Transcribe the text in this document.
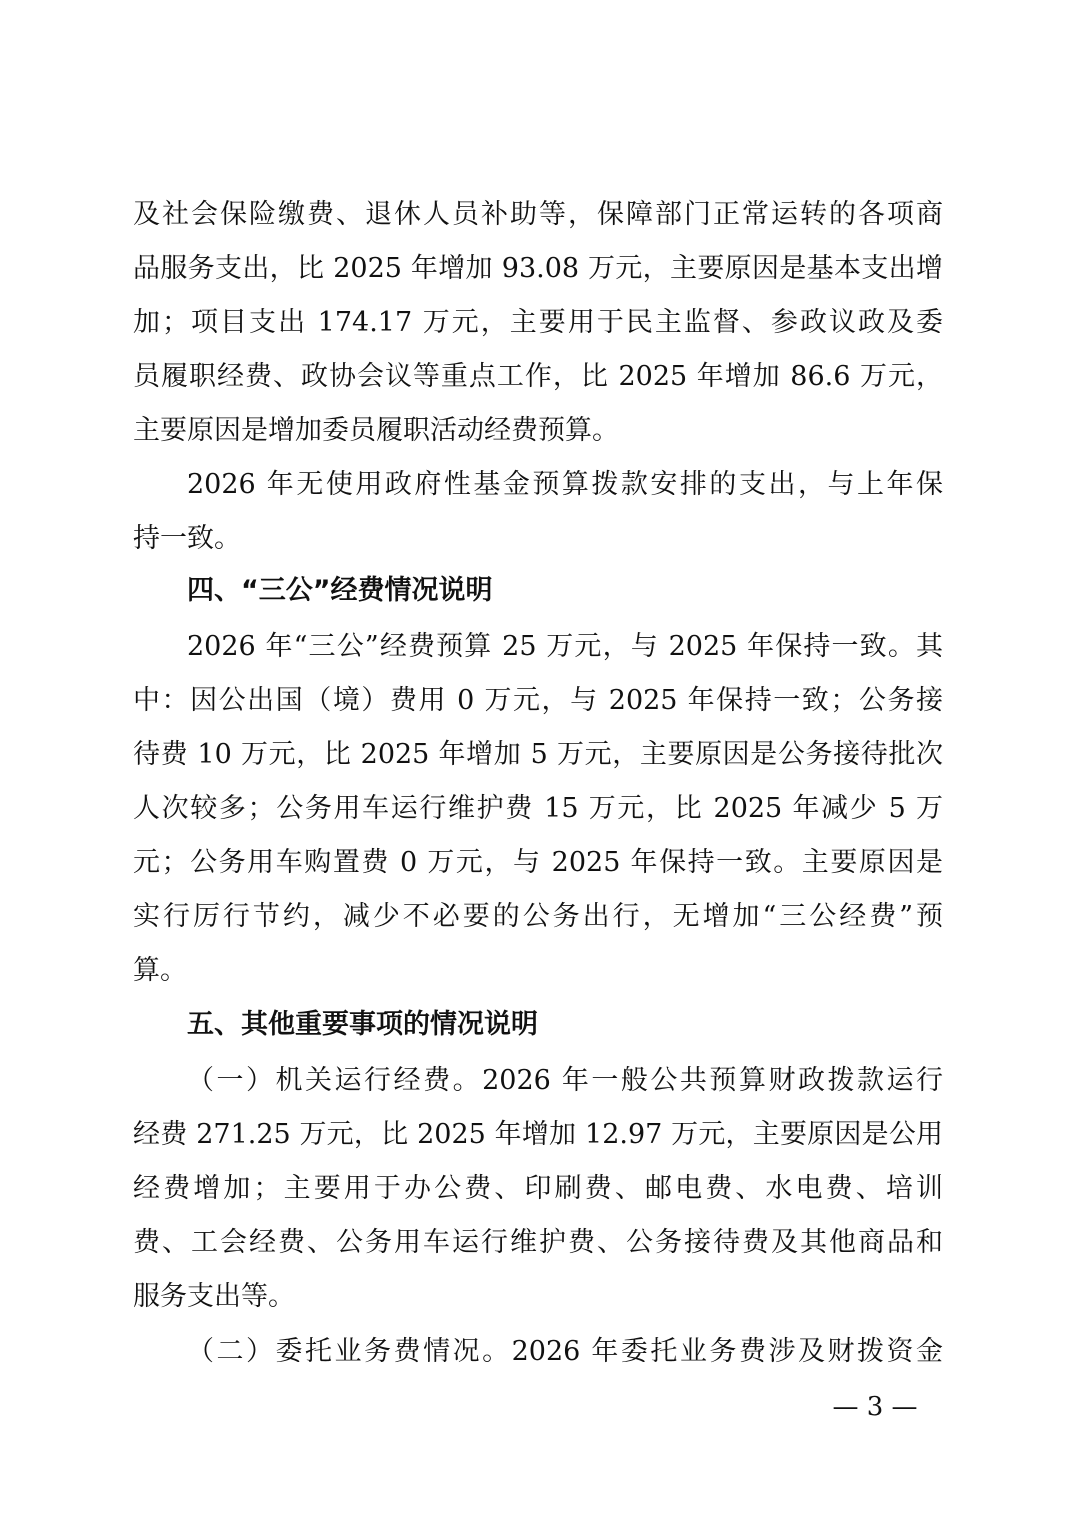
及社会保险缴费、退休人员补助等，保障部门正常运转的各项商
品服务支出，比 2025 年增加 93.08 万元，主要原因是基本支出增
加；项目支出 174.17 万元，主要用于民主监督、参政议政及委
员履职经费、政协会议等重点工作，比 2025 年增加 86.6 万元，
主要原因是增加委员履职活动经费预算。
2026 年无使用政府性基金预算拨款安排的支出，与上年保
持一致。
四、“三公”经费情况说明
2026 年“三公”经费预算 25 万元，与 2025 年保持一致。其
中：因公出国（境）费用 0 万元，与 2025 年保持一致；公务接
待费 10 万元，比 2025 年增加 5 万元，主要原因是公务接待批次
人次较多；公务用车运行维护费 15 万元，比 2025 年减少 5 万
元；公务用车购置费 0 万元，与 2025 年保持一致。主要原因是
实行厉行节约，减少不必要的公务出行，无增加“三公经费”预
算。
五、其他重要事项的情况说明
（一）机关运行经费。2026 年一般公共预算财政拨款运行
经费 271.25 万元，比 2025 年增加 12.97 万元，主要原因是公用
经费增加；主要用于办公费、印刷费、邮电费、水电费、培训
费、工会经费、公务用车运行维护费、公务接待费及其他商品和
服务支出等。
（二）委托业务费情况。2026 年委托业务费涉及财拨资金
— 3 —
